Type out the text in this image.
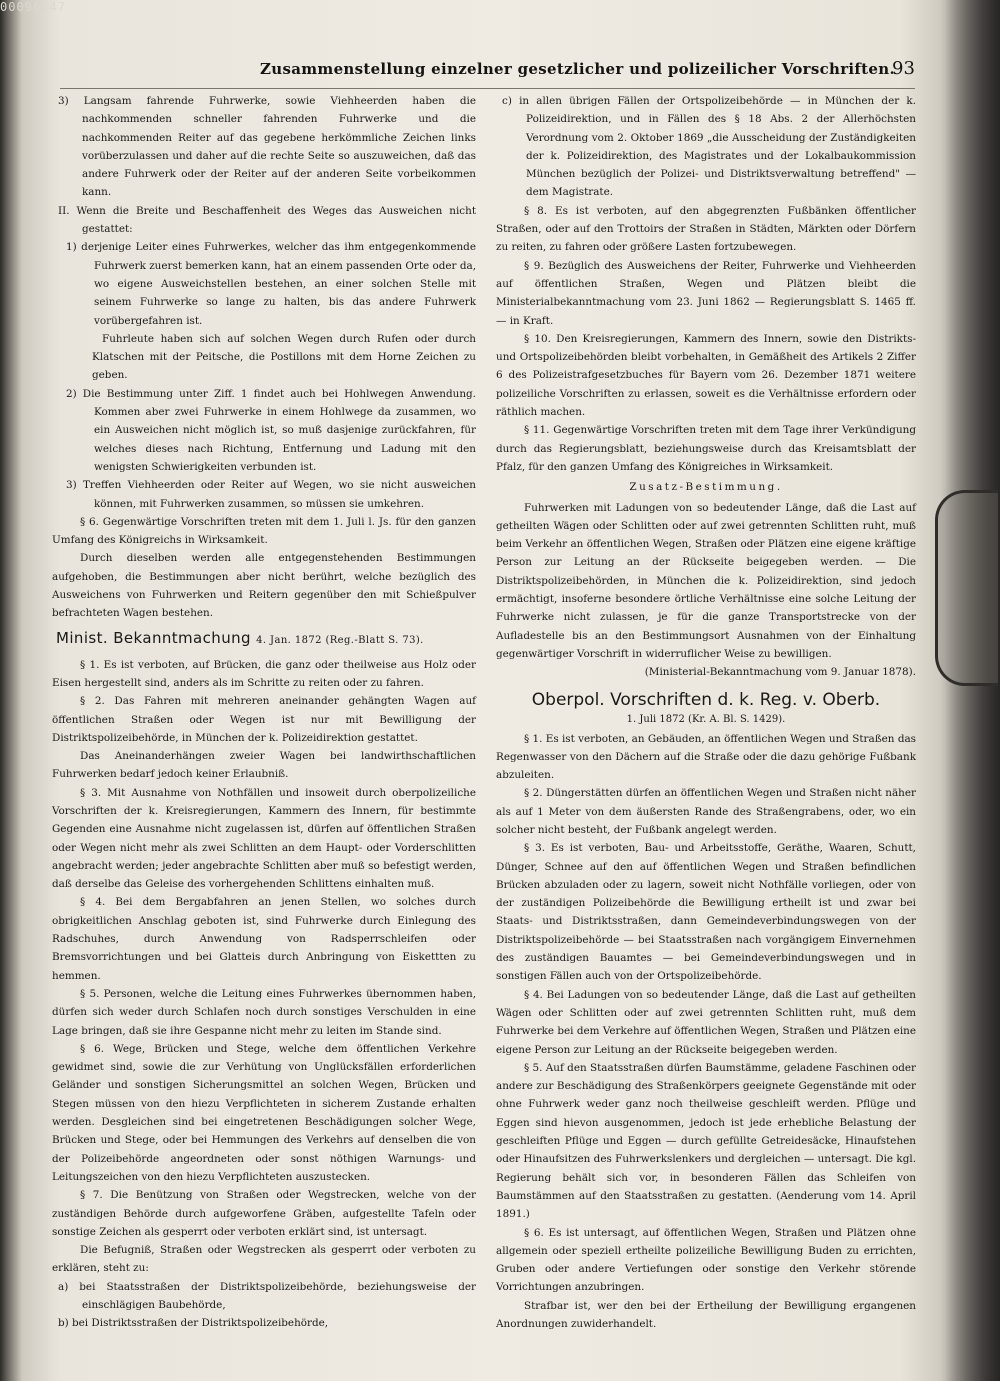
00096547
Zusammenstellung einzelner gesetzlicher und polizeilicher Vorschriften.
93

3) Langsam fahrende Fuhrwerke, sowie Viehheerden haben die nachkommenden schneller fahrenden Fuhrwerke und die nachkommenden Reiter auf das gegebene herkömmliche Zeichen links vorüberzulassen und daher auf die rechte Seite so auszuweichen, daß das andere Fuhrwerk oder der Reiter auf der anderen Seite vorbeikommen kann.

II. Wenn die Breite und Beschaffenheit des Weges das Ausweichen nicht gestattet:

1) derjenige Leiter eines Fuhrwerkes, welcher das ihm entgegenkommende Fuhrwerk zuerst bemerken kann, hat an einem passenden Orte oder da, wo eigene Ausweichstellen bestehen, an einer solchen Stelle mit seinem Fuhrwerke so lange zu halten, bis das andere Fuhrwerk vorübergefahren ist.

Fuhrleute haben sich auf solchen Wegen durch Rufen oder durch Klatschen mit der Peitsche, die Postillons mit dem Horne Zeichen zu geben.

2) Die Bestimmung unter Ziff. 1 findet auch bei Hohlwegen Anwendung. Kommen aber zwei Fuhrwerke in einem Hohlwege da zusammen, wo ein Ausweichen nicht möglich ist, so muß dasjenige zurückfahren, für welches dieses nach Richtung, Entfernung und Ladung mit den wenigsten Schwierigkeiten verbunden ist.

3) Treffen Viehheerden oder Reiter auf Wegen, wo sie nicht ausweichen können, mit Fuhrwerken zusammen, so müssen sie umkehren.

§ 6. Gegenwärtige Vorschriften treten mit dem 1. Juli l. Js. für den ganzen Umfang des Königreichs in Wirksamkeit.

Durch dieselben werden alle entgegenstehenden Bestimmungen aufgehoben, die Bestimmungen aber nicht berührt, welche bezüglich des Ausweichens von Fuhrwerken und Reitern gegenüber den mit Schießpulver befrachteten Wagen bestehen.

Minist. Bekanntmachung 4. Jan. 1872 (Reg.-Blatt S. 73).

§ 1. Es ist verboten, auf Brücken, die ganz oder theilweise aus Holz oder Eisen hergestellt sind, anders als im Schritte zu reiten oder zu fahren.

§ 2. Das Fahren mit mehreren aneinander gehängten Wagen auf öffentlichen Straßen oder Wegen ist nur mit Bewilligung der Distriktspolizeibehörde, in München der k. Polizeidirektion gestattet.

Das Aneinanderhängen zweier Wagen bei landwirthschaftlichen Fuhrwerken bedarf jedoch keiner Erlaubniß.

§ 3. Mit Ausnahme von Nothfällen und insoweit durch oberpolizeiliche Vorschriften der k. Kreisregierungen, Kammern des Innern, für bestimmte Gegenden eine Ausnahme nicht zugelassen ist, dürfen auf öffentlichen Straßen oder Wegen nicht mehr als zwei Schlitten an dem Haupt- oder Vorderschlitten angebracht werden; jeder angebrachte Schlitten aber muß so befestigt werden, daß derselbe das Geleise des vorhergehenden Schlittens einhalten muß.

§ 4. Bei dem Bergabfahren an jenen Stellen, wo solches durch obrigkeitlichen Anschlag geboten ist, sind Fuhrwerke durch Einlegung des Radschuhes, durch Anwendung von Radsperrschleifen oder Bremsvorrichtungen und bei Glatteis durch Anbringung von Eiskettten zu hemmen.

§ 5. Personen, welche die Leitung eines Fuhrwerkes übernommen haben, dürfen sich weder durch Schlafen noch durch sonstiges Verschulden in eine Lage bringen, daß sie ihre Gespanne nicht mehr zu leiten im Stande sind.

§ 6. Wege, Brücken und Stege, welche dem öffentlichen Verkehre gewidmet sind, sowie die zur Verhütung von Unglücksfällen erforderlichen Geländer und sonstigen Sicherungsmittel an solchen Wegen, Brücken und Stegen müssen von den hiezu Verpflichteten in sicherem Zustande erhalten werden. Desgleichen sind bei eingetretenen Beschädigungen solcher Wege, Brücken und Stege, oder bei Hemmungen des Verkehrs auf denselben die von der Polizeibehörde angeordneten oder sonst nöthigen Warnungs- und Leitungszeichen von den hiezu Verpflichteten auszustecken.

§ 7. Die Benützung von Straßen oder Wegstrecken, welche von der zuständigen Behörde durch aufgeworfene Gräben, aufgestellte Tafeln oder sonstige Zeichen als gesperrt oder verboten erklärt sind, ist untersagt.

Die Befugniß, Straßen oder Wegstrecken als gesperrt oder verboten zu erklären, steht zu:

a) bei Staatsstraßen der Distriktspolizeibehörde, beziehungsweise der einschlägigen Baubehörde,

b) bei Distriktsstraßen der Distriktspolizeibehörde,

c) in allen übrigen Fällen der Ortspolizeibehörde — in München der k. Polizeidirektion, und in Fällen des § 18 Abs. 2 der Allerhöchsten Verordnung vom 2. Oktober 1869 „die Ausscheidung der Zuständigkeiten der k. Polizeidirektion, des Magistrates und der Lokalbaukommission München bezüglich der Polizei- und Distriktsverwaltung betreffend" — dem Magistrate.

§ 8. Es ist verboten, auf den abgegrenzten Fußbänken öffentlicher Straßen, oder auf den Trottoirs der Straßen in Städten, Märkten oder Dörfern zu reiten, zu fahren oder größere Lasten fortzubewegen.

§ 9. Bezüglich des Ausweichens der Reiter, Fuhrwerke und Viehheerden auf öffentlichen Straßen, Wegen und Plätzen bleibt die Ministerialbekanntmachung vom 23. Juni 1862 — Regierungsblatt S. 1465 ff. — in Kraft.

§ 10. Den Kreisregierungen, Kammern des Innern, sowie den Distrikts- und Ortspolizeibehörden bleibt vorbehalten, in Gemäßheit des Artikels 2 Ziffer 6 des Polizeistrafgesetzbuches für Bayern vom 26. Dezember 1871 weitere polizeiliche Vorschriften zu erlassen, soweit es die Verhältnisse erfordern oder räthlich machen.

§ 11. Gegenwärtige Vorschriften treten mit dem Tage ihrer Verkündigung durch das Regierungsblatt, beziehungsweise durch das Kreisamtsblatt der Pfalz, für den ganzen Umfang des Königreiches in Wirksamkeit.

Zusatz-Bestimmung.

Fuhrwerken mit Ladungen von so bedeutender Länge, daß die Last auf getheilten Wägen oder Schlitten oder auf zwei getrennten Schlitten ruht, muß beim Verkehr an öffentlichen Wegen, Straßen oder Plätzen eine eigene kräftige Person zur Leitung an der Rückseite beigegeben werden. — Die Distriktspolizeibehörden, in München die k. Polizeidirektion, sind jedoch ermächtigt, insoferne besondere örtliche Verhältnisse eine solche Leitung der Fuhrwerke nicht zulassen, je für die ganze Transportstrecke von der Aufladestelle bis an den Bestimmungsort Ausnahmen von der Einhaltung gegenwärtiger Vorschrift in widerruflicher Weise zu bewilligen.

(Ministerial-Bekanntmachung vom 9. Januar 1878).

Oberpol. Vorschriften d. k. Reg. v. Oberb.
1. Juli 1872 (Kr. A. Bl. S. 1429).

§ 1. Es ist verboten, an Gebäuden, an öffentlichen Wegen und Straßen das Regenwasser von den Dächern auf die Straße oder die dazu gehörige Fußbank abzuleiten.

§ 2. Düngerstätten dürfen an öffentlichen Wegen und Straßen nicht näher als auf 1 Meter von dem äußersten Rande des Straßengrabens, oder, wo ein solcher nicht besteht, der Fußbank angelegt werden.

§ 3. Es ist verboten, Bau- und Arbeitsstoffe, Geräthe, Waaren, Schutt, Dünger, Schnee auf den auf öffentlichen Wegen und Straßen befindlichen Brücken abzuladen oder zu lagern, soweit nicht Nothfälle vorliegen, oder von der zuständigen Polizeibehörde die Bewilligung ertheilt ist und zwar bei Staats- und Distriktsstraßen, dann Gemeindeverbindungswegen von der Distriktspolizeibehörde — bei Staatsstraßen nach vorgängigem Einvernehmen des zuständigen Bauamtes — bei Gemeindeverbindungswegen und in sonstigen Fällen auch von der Ortspolizeibehörde.

§ 4. Bei Ladungen von so bedeutender Länge, daß die Last auf getheilten Wägen oder Schlitten oder auf zwei getrennten Schlitten ruht, muß dem Fuhrwerke bei dem Verkehre auf öffentlichen Wegen, Straßen und Plätzen eine eigene Person zur Leitung an der Rückseite beigegeben werden.

§ 5. Auf den Staatsstraßen dürfen Baumstämme, geladene Faschinen oder andere zur Beschädigung des Straßenkörpers geeignete Gegenstände mit oder ohne Fuhrwerk weder ganz noch theilweise geschleift werden. Pflüge und Eggen sind hievon ausgenommen, jedoch ist jede erhebliche Belastung der geschleiften Pflüge und Eggen — durch gefüllte Getreidesäcke, Hinaufstehen oder Hinaufsitzen des Fuhrwerkslenkers und dergleichen — untersagt. Die kgl. Regierung behält sich vor, in besonderen Fällen das Schleifen von Baumstämmen auf den Staatsstraßen zu gestatten. (Aenderung vom 14. April 1891.)

§ 6. Es ist untersagt, auf öffentlichen Wegen, Straßen und Plätzen ohne allgemein oder speziell ertheilte polizeiliche Bewilligung Buden zu errichten, Gruben oder andere Vertiefungen oder sonstige den Verkehr störende Vorrichtungen anzubringen.

Strafbar ist, wer den bei der Ertheilung der Bewilligung ergangenen Anordnungen zuwiderhandelt.
